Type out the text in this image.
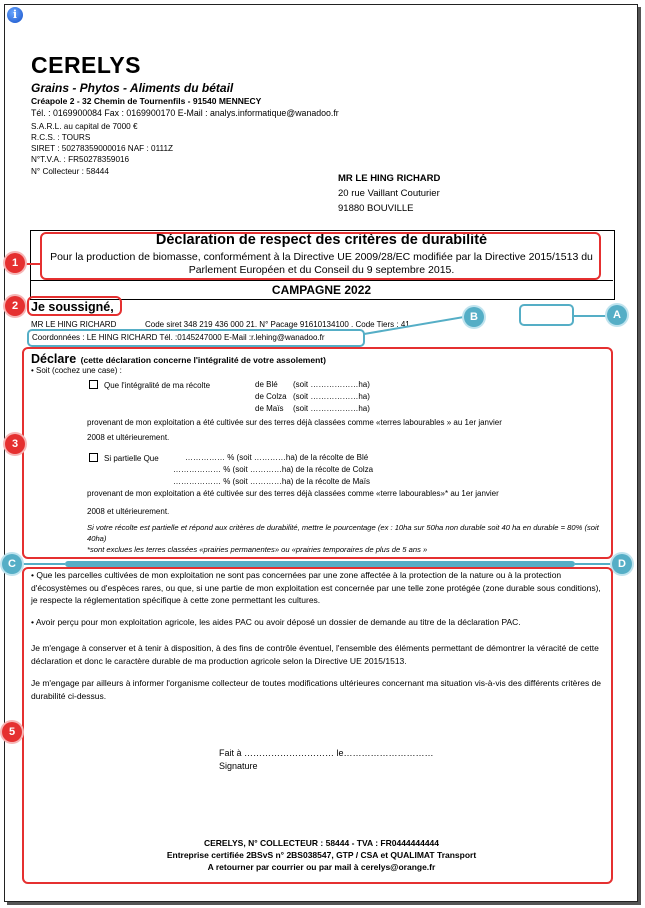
i
CERELYS
Grains - Phytos - Aliments du bétail
Créapole 2 - 32 Chemin de Tournenfils - 91540 MENNECY
Tél. : 0169900084 Fax : 0169900170 E-Mail : analys.informatique@wanadoo.fr
S.A.R.L. au capital de 7000 €
R.C.S. : TOURS
SIRET : 50278359000016 NAF : 0111Z
N°T.V.A. : FR50278359016
N° Collecteur : 58444
MR LE HING RICHARD
20 rue Vaillant Couturier
91880 BOUVILLE
Déclaration de respect des critères de durabilité
Pour la production de biomasse, conformément à la Directive UE 2009/28/EC modifiée par la Directive 2015/1513 du Parlement Européen et du Conseil du 9 septembre 2015.
CAMPAGNE 2022
1
Je soussigné,
2
MR LE HING RICHARD	Code siret 348 219 436 000 21. N° Pacage 91610134100 . Code Tiers : 41
Coordonnées : LE HING RICHARD Tél. :0145247000 E-Mail :r.lehing@wanadoo.fr
A
B
3
Déclare (cette déclaration concerne l'intégralité de votre assolement)
• Soit (cochez une case) :
Que l'intégralité de ma récolte	de Blé (soit ………………ha)
de Colza (soit ………………ha)
de Maïs (soit ………………ha)
provenant de mon exploitation a été cultivée sur des terres déjà classées comme «terres labourables » au 1er janvier
2008 et ultérieurement.
Si partielle Que	…………… % (soit …………ha) de la récolte de Blé
……………… % (soit …………ha) de la récolte de Colza
……………… % (soit …………ha) de la récolte de Maïs
provenant de mon exploitation a été cultivée sur des terres déjà classées comme «terre labourables»* au 1er janvier
2008 et ultérieurement.
Si votre récolte est partielle et répond aux critères de durabilité, mettre le pourcentage (ex : 10ha sur 50ha non durable soit 40 ha en durable = 80% (soit 40ha)
*sont exclues les terres classées «prairies permanentes» ou «prairies temporaires de plus de 5 ans »
C	D
5
• Que les parcelles cultivées de mon exploitation ne sont pas concernées par une zone affectée à la protection de la nature ou à la protection d'écosystèmes ou d'espèces rares, ou que, si une partie de mon exploitation est concernée par une telle zone protégée (zone durable sous conditions), je respecte la réglementation spécifique à cette zone permettant les cultures.
• Avoir perçu pour mon exploitation agricole, les aides PAC ou avoir déposé un dossier de demande au titre de la déclaration PAC.
Je m'engage à conserver et à tenir à disposition, à des fins de contrôle éventuel, l'ensemble des éléments permettant de démontrer la véracité de cette déclaration et donc le caractère durable de ma production agricole selon la Directive UE 2015/1513.
Je m'engage par ailleurs à informer l'organisme collecteur de toutes modifications ultérieures concernant ma situation vis-à-vis des différents critères de durabilité ci-dessus.
Fait à ………………………… le…………………………
Signature
CERELYS, N° COLLECTEUR : 58444 - TVA : FR0444444444
Entreprise certifiée 2BSvS n° 2BS038547, GTP / CSA et QUALIMAT Transport
A retourner par courrier ou par mail à cerelys@orange.fr
